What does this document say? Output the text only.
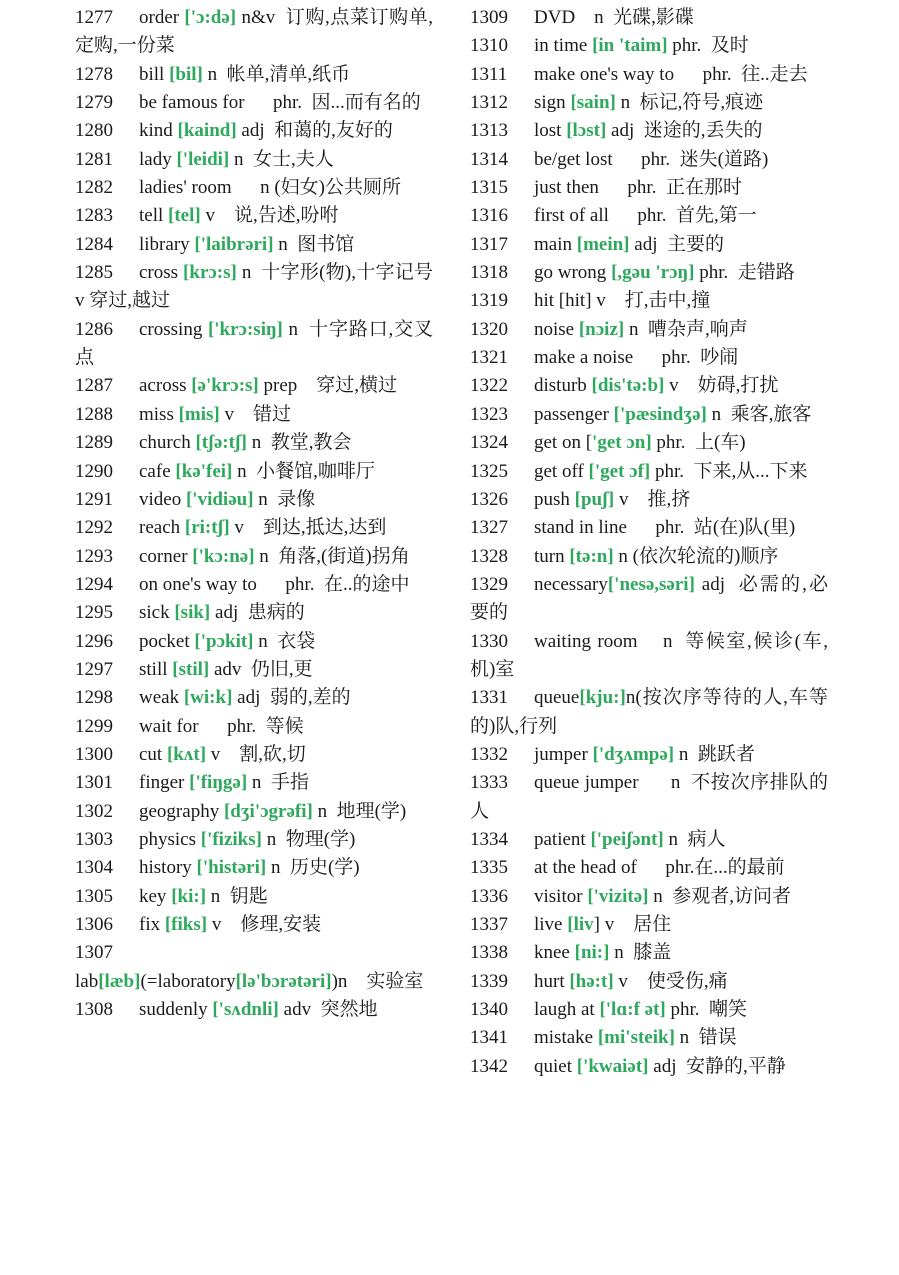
1277 order ['ɔ:də] n&v  订购,点菜订购单,定购,一份菜
1278 bill [bil] n  帐单,清单,纸币
1279 be famous for      phr.  因...而有名的
1280 kind [kaind] adj  和蔼的,友好的
1281 lady ['leidi] n  女士,夫人
1282 ladies' room      n (妇女)公共厕所
1283 tell [tel] v    说,告述,吩咐
1284 library ['laibrəri] n  图书馆
1285 cross [krɔ:s] n  十字形(物),十字记号        v 穿过,越过
1286 crossing ['krɔ:siŋ] n  十字路口,交叉点
1287 across [ə'krɔ:s] prep    穿过,横过
1288 miss [mis] v    错过
1289 church [tʃə:tʃ] n  教堂,教会
1290 cafe [kə'fei] n  小餐馆,咖啡厅
1291 video ['vidiəu] n  录像
1292 reach [ri:tʃ] v    到达,抵达,达到
1293 corner ['kɔ:nə] n  角落,(街道)拐角
1294 on one's way to      phr.  在..的途中
1295 sick [sik] adj  患病的
1296 pocket ['pɔkit] n  衣袋
1297 still [stil] adv  仍旧,更
1298 weak [wi:k] adj  弱的,差的
1299 wait for      phr.  等候
1300 cut [kʌt] v    割,砍,切
1301 finger ['fiŋgə] n  手指
1302 geography [dʒi'ɔgrəfi] n  地理(学)
1303 physics ['fiziks] n  物理(学)
1304 history ['histəri] n  历史(学)
1305 key [ki:] n  钥匙
1306 fix [fiks] v    修理,安装
1307
lab[læb](=laboratory[lə'bɔrətəri])n    实验室
1308 suddenly ['sʌdnli] adv  突然地
1309 DVD    n  光碟,影碟
1310 in time [in 'taim] phr.  及时
1311 make one's way to      phr.  往..走去
1312 sign [sain] n  标记,符号,痕迹
1313 lost [lɔst] adj  迷途的,丢失的
1314 be/get lost      phr.  迷失(道路)
1315 just then      phr.  正在那时
1316 first of all      phr.  首先,第一
1317 main [mein] adj  主要的
1318 go wrong [,gəu 'rɔŋ] phr.  走错路
1319 hit [hit] v    打,击中,撞
1320 noise [nɔiz] n  嘈杂声,响声
1321 make a noise      phr.  吵闹
1322 disturb [dis'tə:b] v    妨碍,打扰
1323 passenger ['pæsindʒə] n  乘客,旅客
1324 get on ['get ɔn] phr.  上(车)
1325 get off ['get ɔf] phr.  下来,从...下来
1326 push [puʃ] v    推,挤
1327 stand in line      phr.  站(在)队(里)
1328 turn [tə:n] n (依次轮流的)顺序
1329 necessary['nesə,səri] adj  必需的,必要的
1330 waiting room    n  等候室,候诊(车,机)室
1331 queue[kju:]n(按次序等待的人,车等的)队,行列
1332 jumper ['dʒʌmpə] n  跳跃者
1333 queue jumper      n  不按次序排队的人
1334 patient ['peiʃənt] n  病人
1335 at the head of      phr.在...的最前
1336 visitor ['vizitə] n  参观者,访问者
1337 live [liv] v    居住
1338 knee [ni:] n  膝盖
1339 hurt [hə:t] v    使受伤,痛
1340 laugh at ['lɑ:f ət] phr.  嘲笑
1341 mistake [mi'steik] n  错误
1342 quiet ['kwaiət] adj  安静的,平静
